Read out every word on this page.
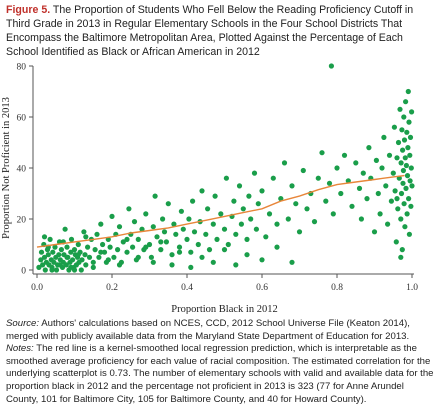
Figure 5. The Proportion of Students Who Fell Below the Reading Proficiency Cutoff in Third Grade in 2013 in Regular Elementary Schools in the Four School Districts That Encompass the Baltimore Metropolitan Area, Plotted Against the Percentage of Each School Identified as Black or African American in 2012
0.0	0.2	0.4	0.6	0.8	1.0
0
20
40
60
80
Proportion Black in 2012
Proportion Not Proficient in 2013

Source: Authors' calculations based on NCES, CCD, 2012 School Universe File (Keaton 2014), merged with publicly available data from the Maryland State Department of Education for 2013.

Notes: The red line is a kernel-smoothed local regression prediction, which is interpretable as the smoothed average proficiency for each value of racial composition. The estimated correlation for the underlying scatterplot is 0.73. The number of elementary schools with valid and available data for the proportion black in 2012 and the percentage not proficient in 2013 is 323 (77 for Anne Arundel County, 101 for Baltimore City, 105 for Baltimore County, and 40 for Howard County).
